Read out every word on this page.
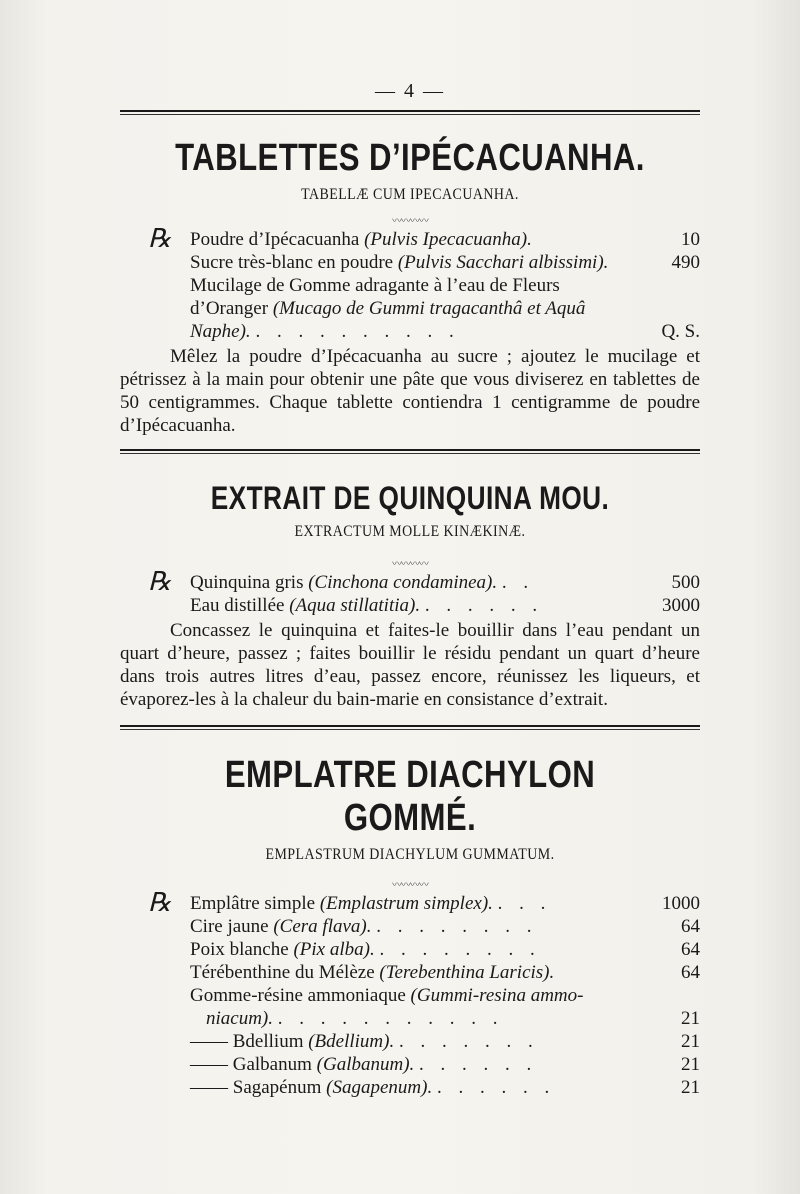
— 4 —
TABLETTES D’IPÉCACUANHA.
TABELLÆ CUM IPECACUANHA.
〰〰〰〰
℞ Poudre d’Ipécacuanha (Pulvis Ipecacuanha).	10
Sucre très-blanc en poudre (Pulvis Sacchari albissimi).	490
Mucilage de Gomme adragante à l’eau de Fleurs
d’Oranger (Mucago de Gummi tragacanthâ et Aquâ
Naphe). . . . . . . . . . .	Q. S.
Mêlez la poudre d’Ipécacuanha au sucre ; ajoutez le mucilage et pétrissez à la main pour obtenir une pâte que vous diviserez en tablettes de 50 centigrammes. Chaque tablette contiendra 1 centigramme de poudre d’Ipécacuanha.
EXTRAIT DE QUINQUINA MOU.
EXTRACTUM MOLLE KINÆKINÆ.
〰〰〰〰
℞ Quinquina gris (Cinchona condaminea). . .	500
Eau distillée (Aqua stillatitia). . . . . . .	3000
Concassez le quinquina et faites-le bouillir dans l’eau pendant un quart d’heure, passez ; faites bouillir le résidu pendant un quart d’heure dans trois autres litres d’eau, passez encore, réunissez les liqueurs, et évaporez-les à la chaleur du bain-marie en consistance d’extrait.
EMPLATRE DIACHYLON GOMMÉ.
EMPLASTRUM DIACHYLUM GUMMATUM.
〰〰〰〰
℞ Emplâtre simple (Emplastrum simplex). . . .	1000
Cire jaune (Cera flava). . . . . . . . .	64
Poix blanche (Pix alba). . . . . . . . .	64
Térébenthine du Mélèze (Terebenthina Laricis).	64
Gomme-résine ammoniaque (Gummi-resina ammo-
niacum). . . . . . . . . . . .	21
—— Bdellium (Bdellium). . . . . . . .	21
—— Galbanum (Galbanum). . . . . . .	21
—— Sagapénum (Sagapenum). . . . . . .	21
